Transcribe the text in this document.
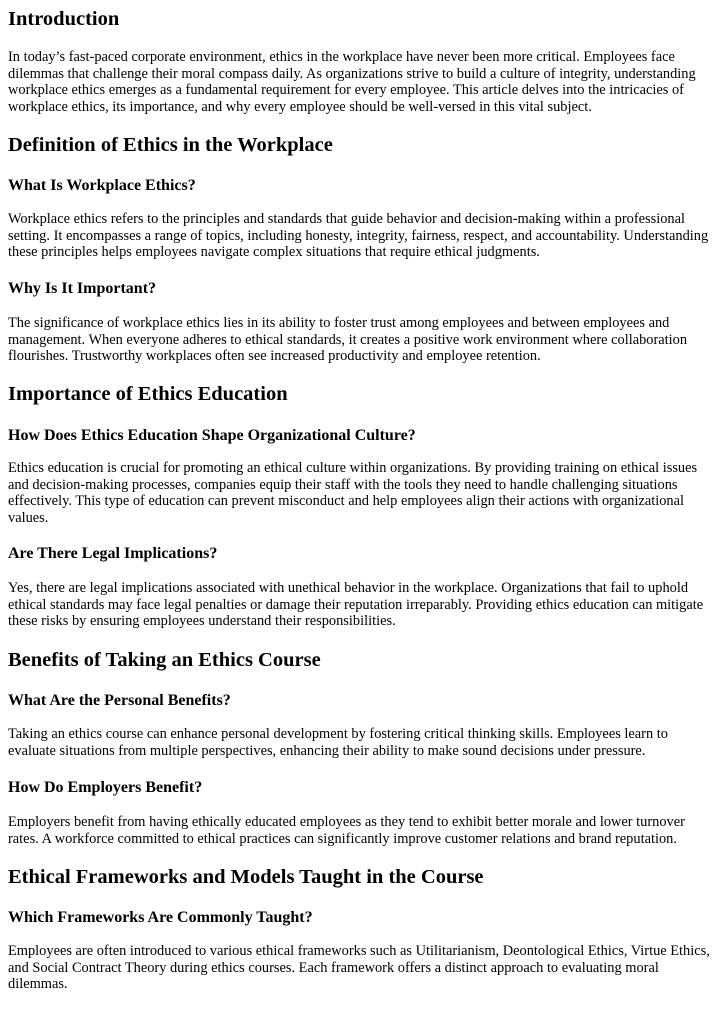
Introduction

In today’s fast-paced corporate environment, ethics in the workplace have never been more critical. Employees face dilemmas that challenge their moral compass daily. As organizations strive to build a culture of integrity, understanding workplace ethics emerges as a fundamental requirement for every employee. This article delves into the intricacies of workplace ethics, its importance, and why every employee should be well-versed in this vital subject.

Definition of Ethics in the Workplace
What Is Workplace Ethics?

Workplace ethics refers to the principles and standards that guide behavior and decision-making within a professional setting. It encompasses a range of topics, including honesty, integrity, fairness, respect, and accountability. Understanding these principles helps employees navigate complex situations that require ethical judgments.

Why Is It Important?

The significance of workplace ethics lies in its ability to foster trust among employees and between employees and management. When everyone adheres to ethical standards, it creates a positive work environment where collaboration flourishes. Trustworthy workplaces often see increased productivity and employee retention.

Importance of Ethics Education
How Does Ethics Education Shape Organizational Culture?

Ethics education is crucial for promoting an ethical culture within organizations. By providing training on ethical issues and decision-making processes, companies equip their staff with the tools they need to handle challenging situations effectively. This type of education can prevent misconduct and help employees align their actions with organizational values.

Are There Legal Implications?

Yes, there are legal implications associated with unethical behavior in the workplace. Organizations that fail to uphold ethical standards may face legal penalties or damage their reputation irreparably. Providing ethics education can mitigate these risks by ensuring employees understand their responsibilities.

Benefits of Taking an Ethics Course
What Are the Personal Benefits?

Taking an ethics course can enhance personal development by fostering critical thinking skills. Employees learn to evaluate situations from multiple perspectives, enhancing their ability to make sound decisions under pressure.

How Do Employers Benefit?

Employers benefit from having ethically educated employees as they tend to exhibit better morale and lower turnover rates. A workforce committed to ethical practices can significantly improve customer relations and brand reputation.

Ethical Frameworks and Models Taught in the Course
Which Frameworks Are Commonly Taught?

Employees are often introduced to various ethical frameworks such as Utilitarianism, Deontological Ethics, Virtue Ethics, and Social Contract Theory during ethics courses. Each framework offers a distinct approach to evaluating moral dilemmas.
